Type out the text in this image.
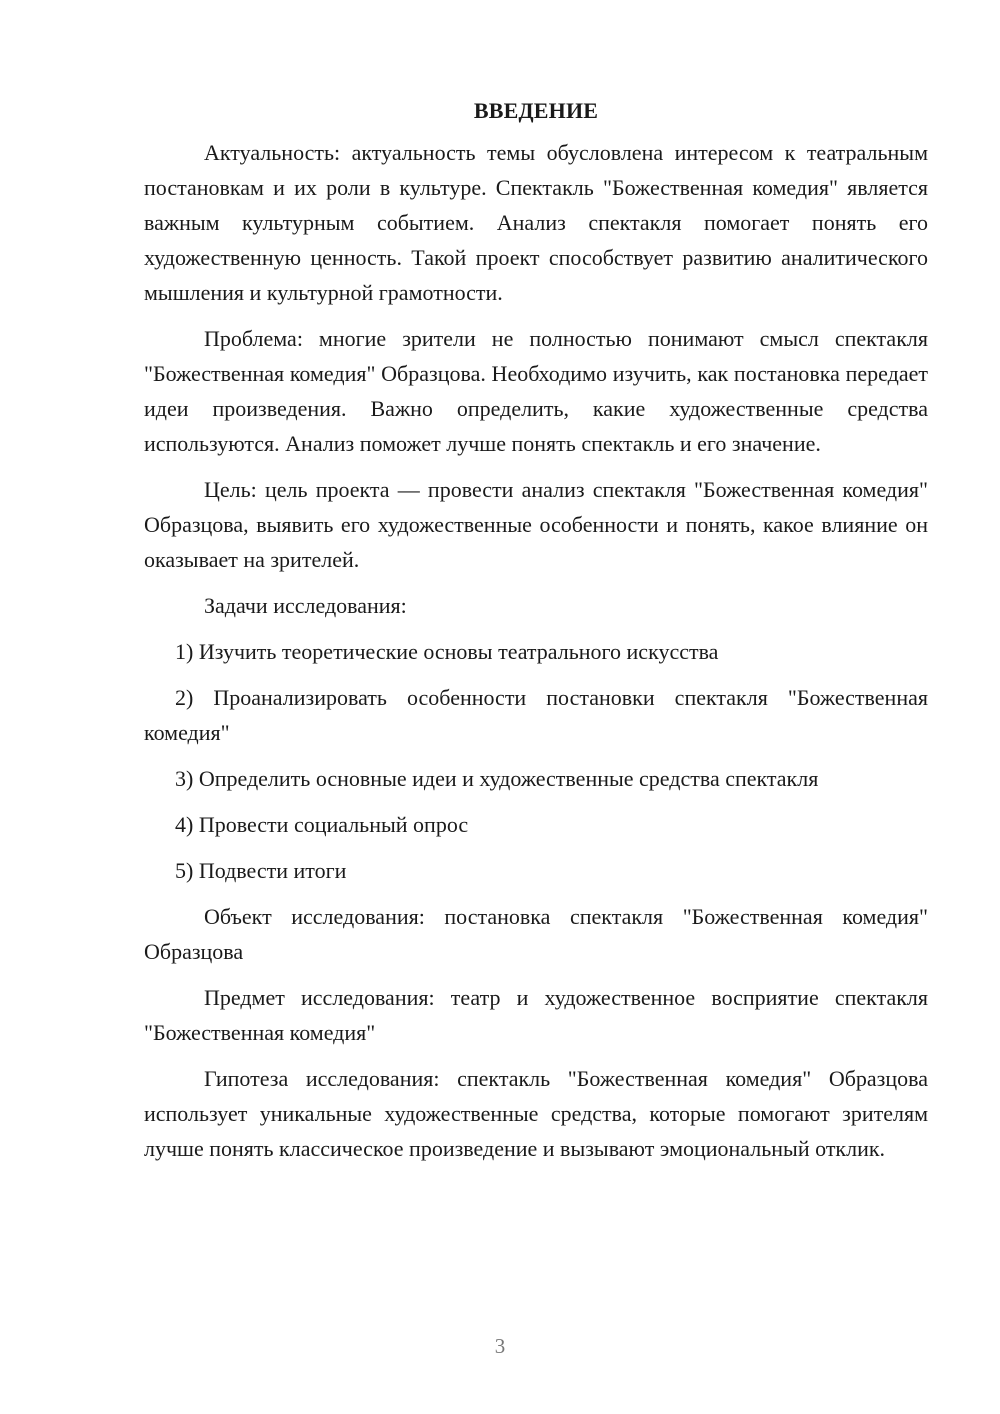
ВВЕДЕНИЕ

Актуальность: актуальность темы обусловлена интересом к театральным постановкам и их роли в культуре. Спектакль "Божественная комедия" является важным культурным событием. Анализ спектакля помогает понять его художественную ценность. Такой проект способствует развитию аналитического мышления и культурной грамотности.

Проблема: многие зрители не полностью понимают смысл спектакля "Божественная комедия" Образцова. Необходимо изучить, как постановка передает идеи произведения. Важно определить, какие художественные средства используются. Анализ поможет лучше понять спектакль и его значение.

Цель: цель проекта — провести анализ спектакля "Божественная комедия" Образцова, выявить его художественные особенности и понять, какое влияние он оказывает на зрителей.

Задачи исследования:

1) Изучить теоретические основы театрального искусства

2) Проанализировать особенности постановки спектакля "Божественная комедия"

3) Определить основные идеи и художественные средства спектакля

4) Провести социальный опрос

5) Подвести итоги

Объект исследования: постановка спектакля "Божественная комедия" Образцова

Предмет исследования: театр и художественное восприятие спектакля "Божественная комедия"

Гипотеза исследования: спектакль "Божественная комедия" Образцова использует уникальные художественные средства, которые помогают зрителям лучше понять классическое произведение и вызывают эмоциональный отклик.

3
